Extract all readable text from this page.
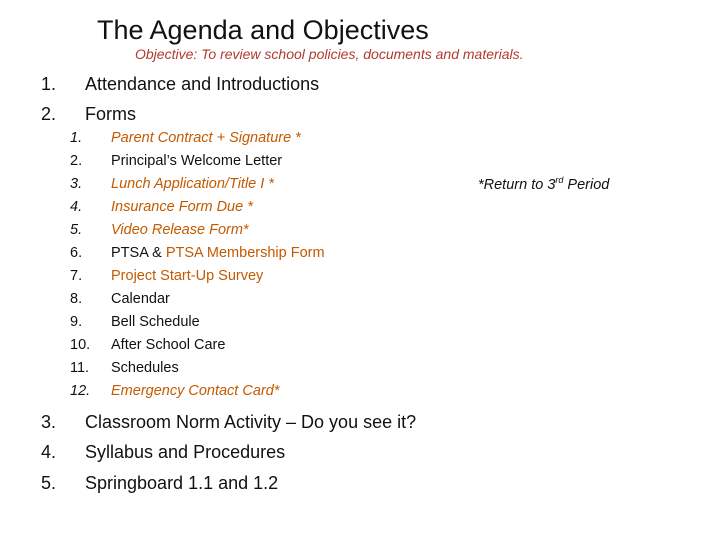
The Agenda and Objectives
Objective: To review school policies, documents and materials.
1.	Attendance and Introductions
2.	Forms
1.	Parent Contract + Signature *
2.	Principal’s Welcome Letter
3.	Lunch Application/Title I *
4.	Insurance Form Due *
5.	Video Release Form*
6.	PTSA & PTSA Membership Form
7.	Project Start-Up Survey
8.	Calendar
9.	Bell Schedule
10.	After School Care
11.	Schedules
12.	Emergency Contact Card*
3.	Classroom Norm Activity – Do you see it?
4.	Syllabus and Procedures
5.	Springboard 1.1 and 1.2
*Return to 3rd Period
